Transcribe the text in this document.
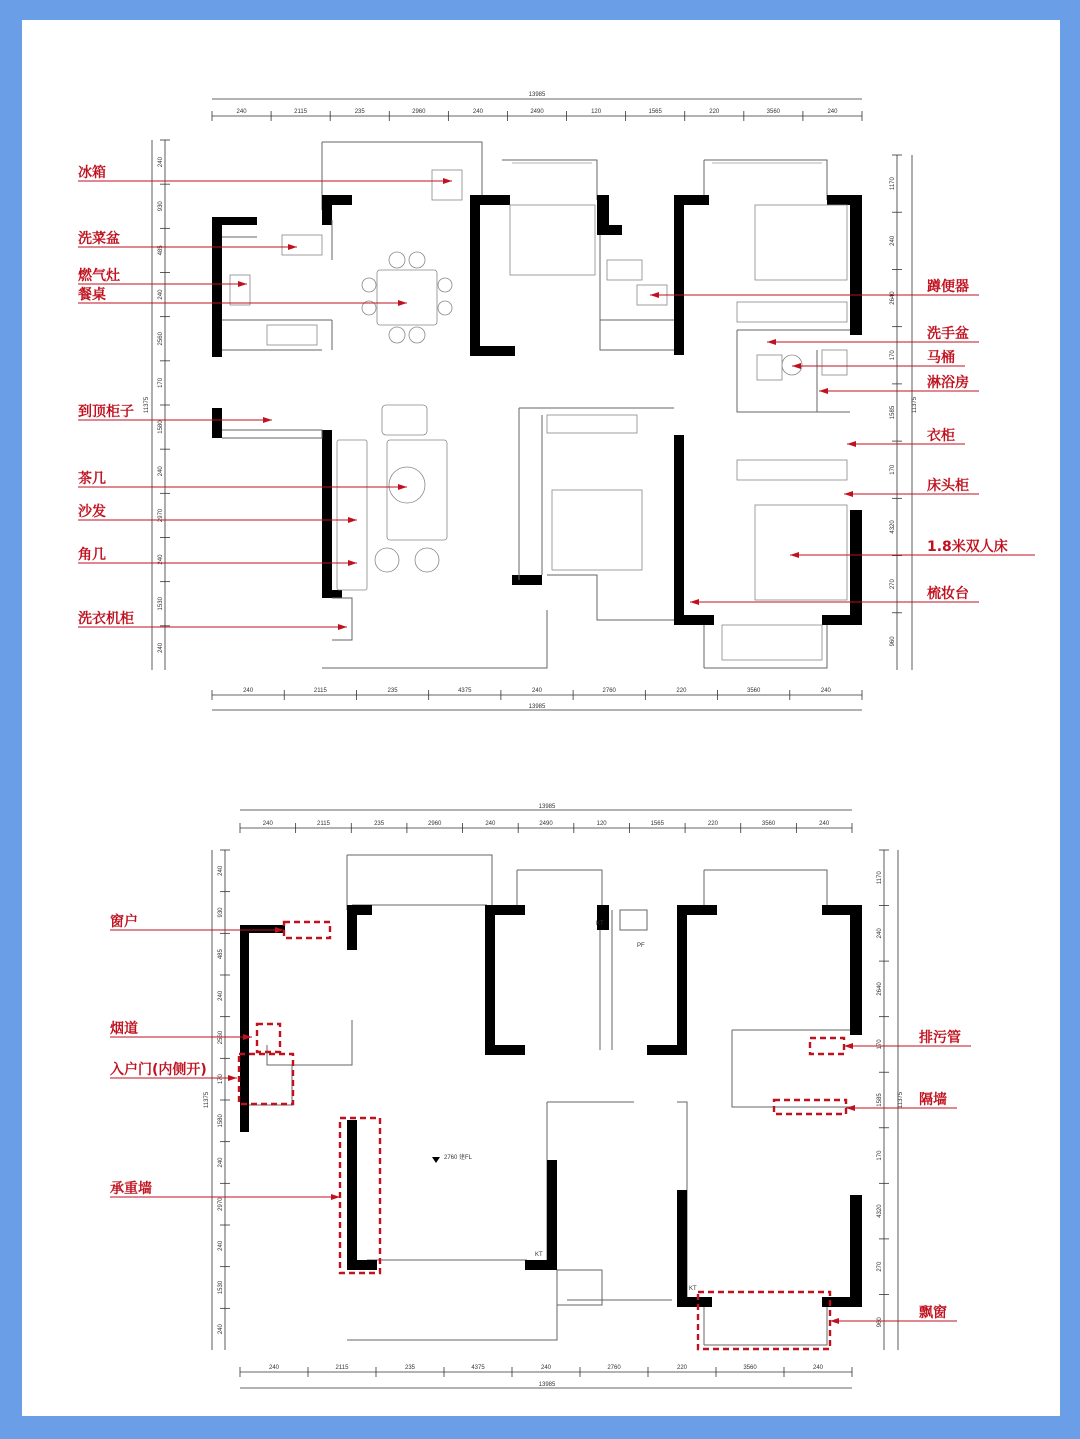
13985
240	2115	235	2960	240	2490	120	1565	220	3560	240
13985
240	2115	235	4375	240	2760	220	3560	240
11375
240
930
485
240
2560
170
1580
240
2970
240
1530
240
11375
1170
240
2640
170
1585
170
4320
270
960
冰箱
洗菜盆
燃气灶
餐桌
到顶柜子
茶几
沙发
角几
洗衣机柜
蹲便器
洗手盆
马桶
淋浴房
衣柜
床头柜
1.8米双人床
梳妆台
13985
240	2115	235	2960	240	2490	120	1565	220	3560	240
13985
240	2115	235	4375	240	2760	220	3560	240
11375
240
930
485
240
2560
170
1580
240
2970
240
1530
240
11375
1170
240
2640
170
1585
170
4320
270
960
2760 建FL
KT
KT
KT
PF
窗户
烟道
入户门(内侧开)
承重墙
排污管
隔墙
飘窗
